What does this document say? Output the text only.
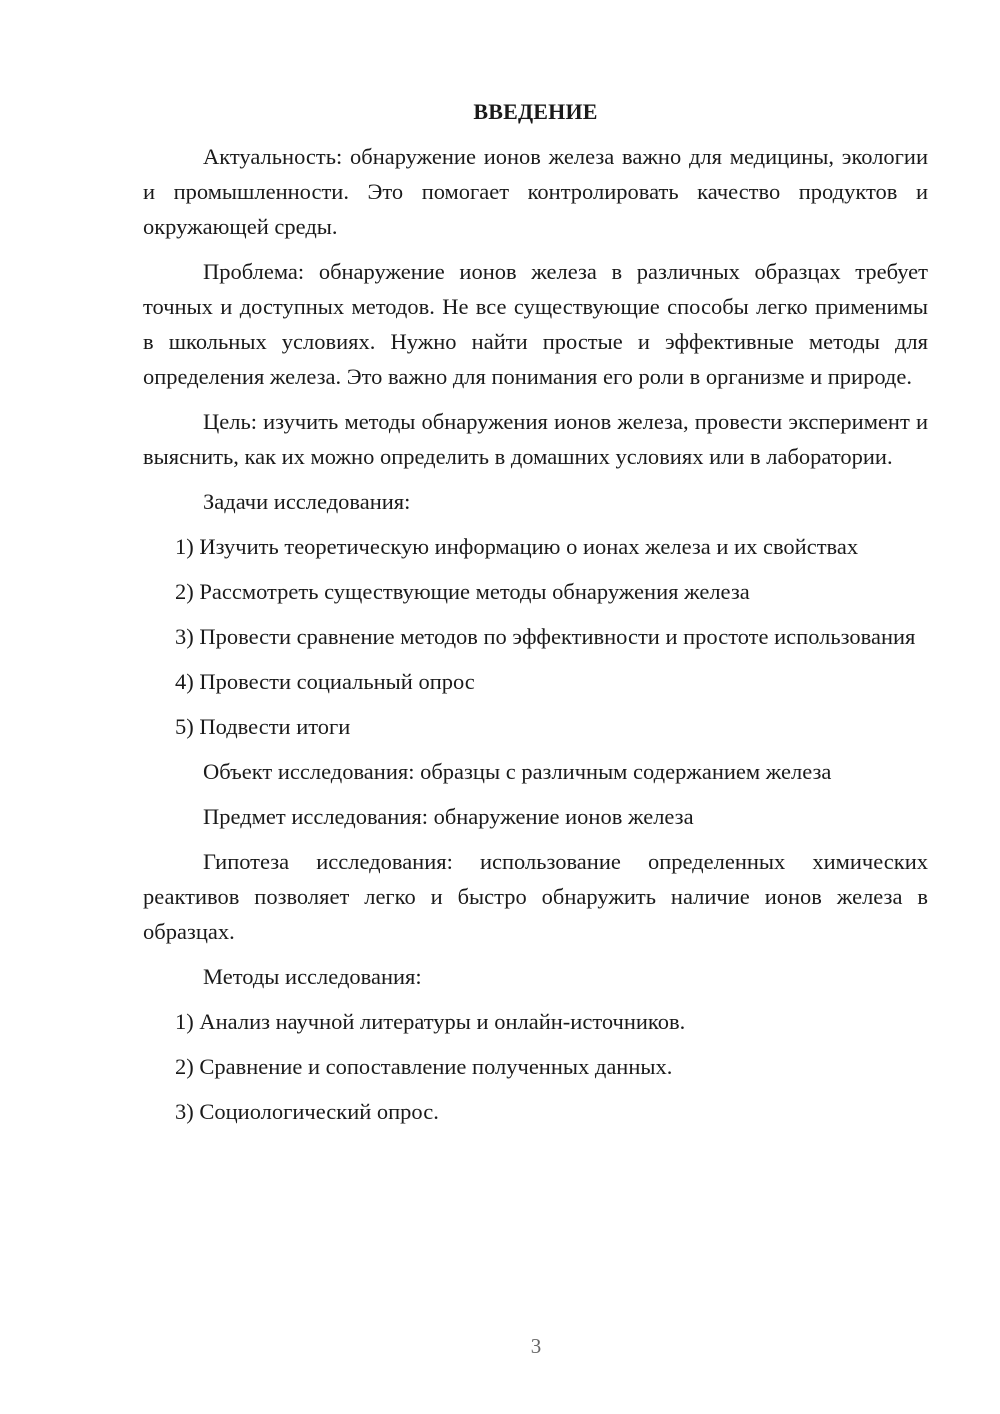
ВВЕДЕНИЕ

Актуальность: обнаружение ионов железа важно для медицины, экологии и промышленности. Это помогает контролировать качество продуктов и окружающей среды.

Проблема: обнаружение ионов железа в различных образцах требует точных и доступных методов. Не все существующие способы легко применимы в школьных условиях. Нужно найти простые и эффективные методы для определения железа. Это важно для понимания его роли в организме и природе.

Цель: изучить методы обнаружения ионов железа, провести эксперимент и выяснить, как их можно определить в домашних условиях или в лаборатории.

Задачи исследования:

1) Изучить теоретическую информацию о ионах железа и их свойствах

2) Рассмотреть существующие методы обнаружения железа

3) Провести сравнение методов по эффективности и простоте использования

4) Провести социальный опрос

5) Подвести итоги

Объект исследования: образцы с различным содержанием железа

Предмет исследования: обнаружение ионов железа

Гипотеза исследования: использование определенных химических реактивов позволяет легко и быстро обнаружить наличие ионов железа в образцах.

Методы исследования:

1) Анализ научной литературы и онлайн-источников.

2) Сравнение и сопоставление полученных данных.

3) Социологический опрос.

3
